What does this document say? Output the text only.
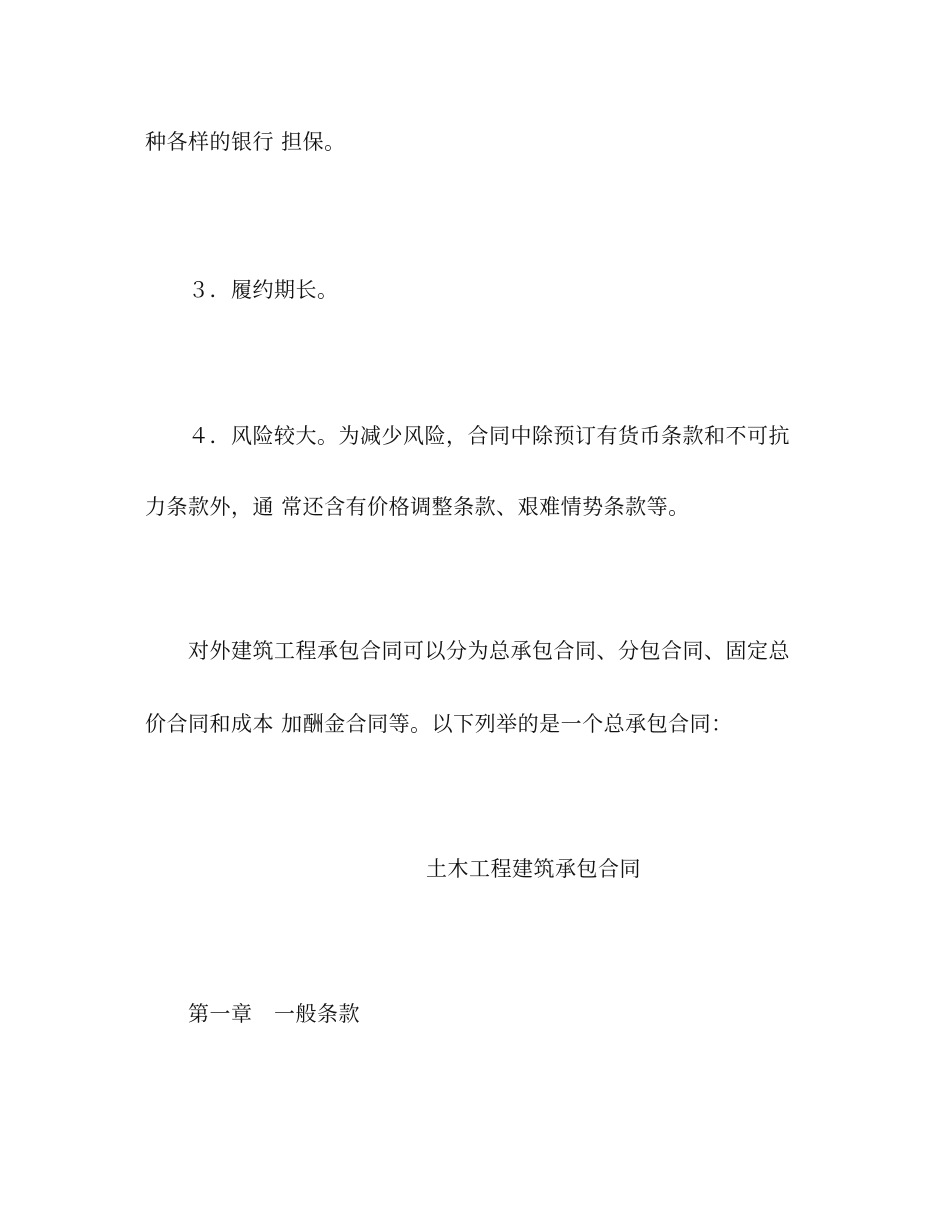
种各样的银行 担保。
３．履约期长。
４．风险较大。为减少风险，合同中除预订有货币条款和不可抗
力条款外，通 常还含有价格调整条款、艰难情势条款等。
对外建筑工程承包合同可以分为总承包合同、分包合同、固定总
价合同和成本 加酬金合同等。以下列举的是一个总承包合同：
土木工程建筑承包合同
第一章　一般条款
